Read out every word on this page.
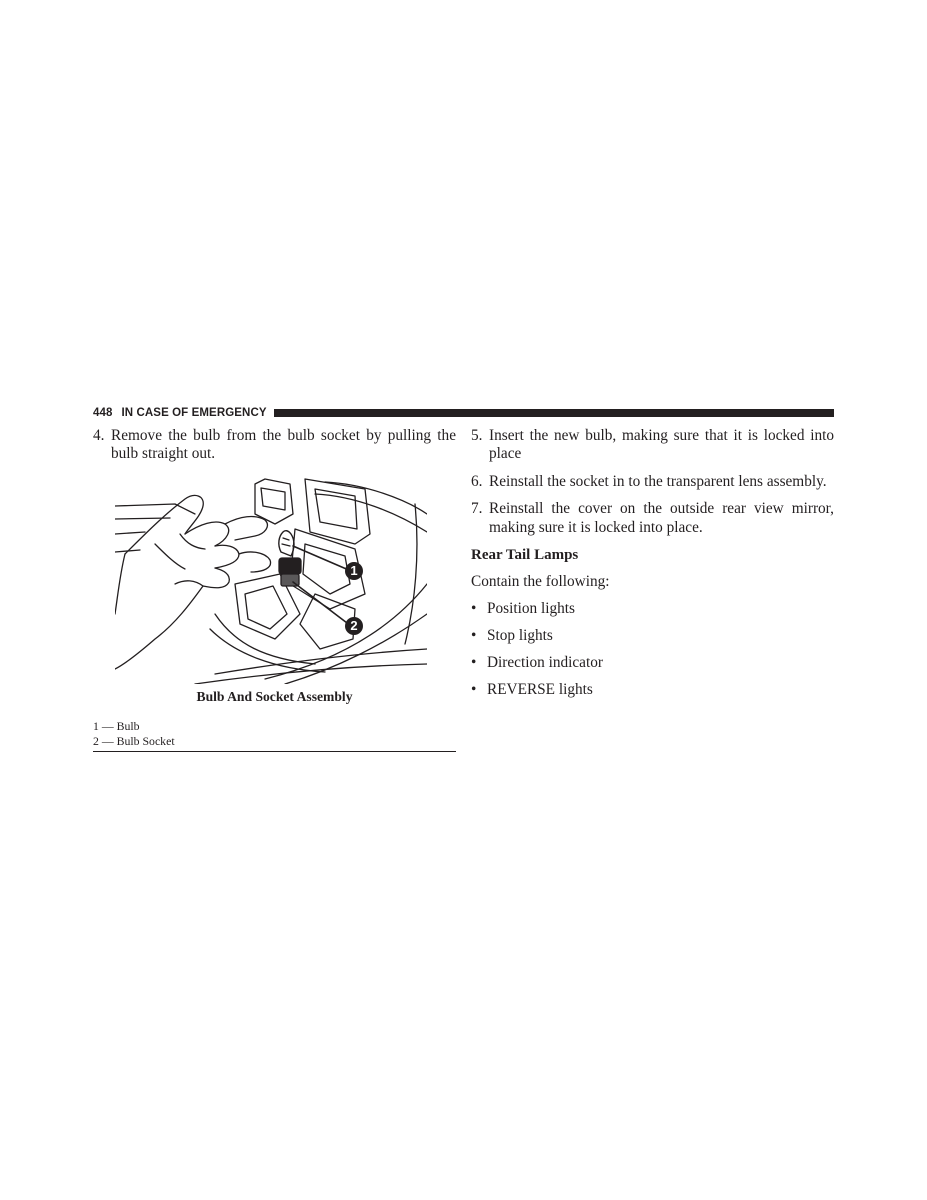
448 IN CASE OF EMERGENCY
4. Remove the bulb from the bulb socket by pulling the bulb straight out.
1
2
Bulb And Socket Assembly
1 — Bulb
2 — Bulb Socket
5. Insert the new bulb, making sure that it is locked into place
6. Reinstall the socket in to the transparent lens assembly.
7. Reinstall the cover on the outside rear view mirror, making sure it is locked into place.
Rear Tail Lamps
Contain the following:
• Position lights
• Stop lights
• Direction indicator
• REVERSE lights
